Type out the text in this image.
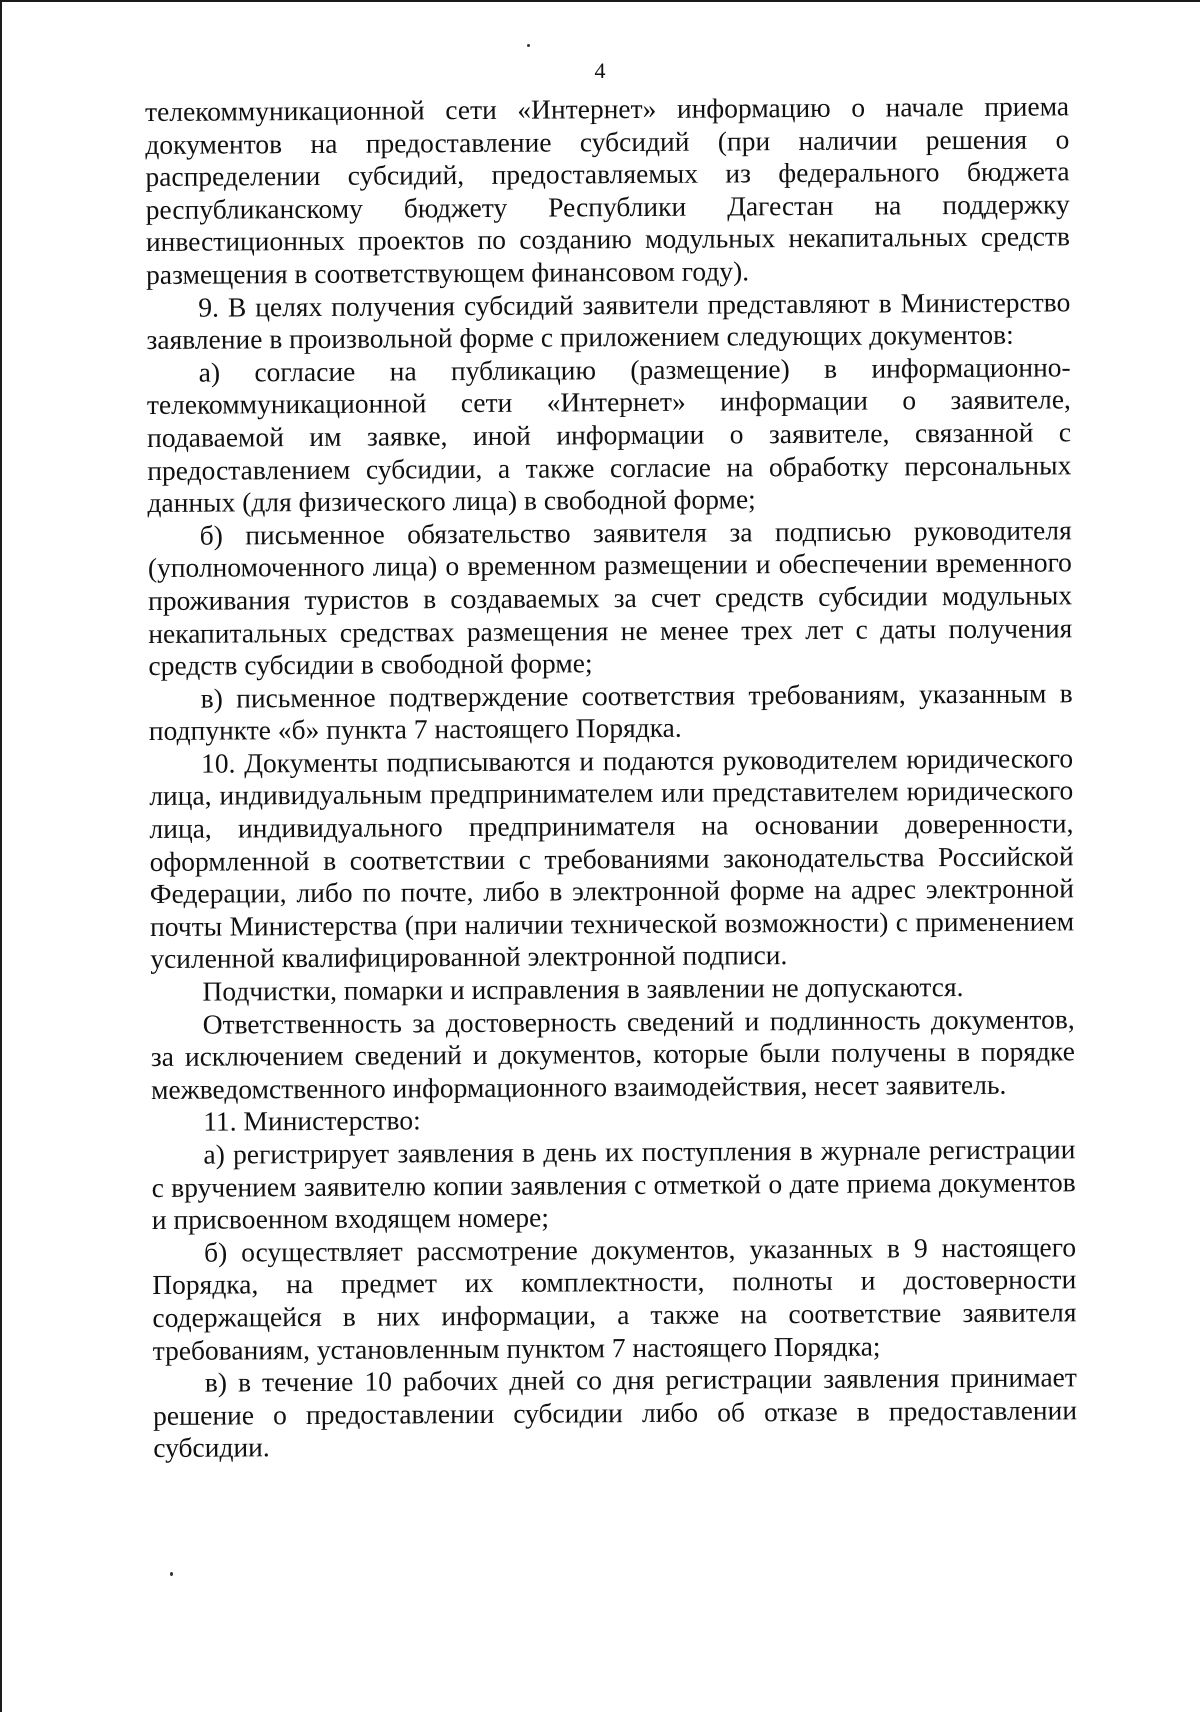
4

телекоммуникационной сети «Интернет» информацию о начале приема документов на предоставление субсидий (при наличии решения о распределении субсидий, предоставляемых из федерального бюджета республиканскому бюджету Республики Дагестан на поддержку инвестиционных проектов по созданию модульных некапитальных средств размещения в соответствующем финансовом году).

9. В целях получения субсидий заявители представляют в Министерство заявление в произвольной форме с приложением следующих документов:

а) согласие на публикацию (размещение) в информационно-телекоммуникационной сети «Интернет» информации о заявителе, подаваемой им заявке, иной информации о заявителе, связанной с предоставлением субсидии, а также согласие на обработку персональных данных (для физического лица) в свободной форме;

б) письменное обязательство заявителя за подписью руководителя (уполномоченного лица) о временном размещении и обеспечении временного проживания туристов в создаваемых за счет средств субсидии модульных некапитальных средствах размещения не менее трех лет с даты получения средств субсидии в свободной форме;

в) письменное подтверждение соответствия требованиям, указанным в подпункте «б» пункта 7 настоящего Порядка.

10. Документы подписываются и подаются руководителем юридического лица, индивидуальным предпринимателем или представителем юридического лица, индивидуального предпринимателя на основании доверенности, оформленной в соответствии с требованиями законодательства Российской Федерации, либо по почте, либо в электронной форме на адрес электронной почты Министерства (при наличии технической возможности) с применением усиленной квалифицированной электронной подписи.

Подчистки, помарки и исправления в заявлении не допускаются.

Ответственность за достоверность сведений и подлинность документов, за исключением сведений и документов, которые были получены в порядке межведомственного информационного взаимодействия, несет заявитель.

11. Министерство:

а) регистрирует заявления в день их поступления в журнале регистрации с вручением заявителю копии заявления с отметкой о дате приема документов и присвоенном входящем номере;

б) осуществляет рассмотрение документов, указанных в 9 настоящего Порядка, на предмет их комплектности, полноты и достоверности содержащейся в них информации, а также на соответствие заявителя требованиям, установленным пунктом 7 настоящего Порядка;

в) в течение 10 рабочих дней со дня регистрации заявления принимает решение о предоставлении субсидии либо об отказе в предоставлении субсидии.
